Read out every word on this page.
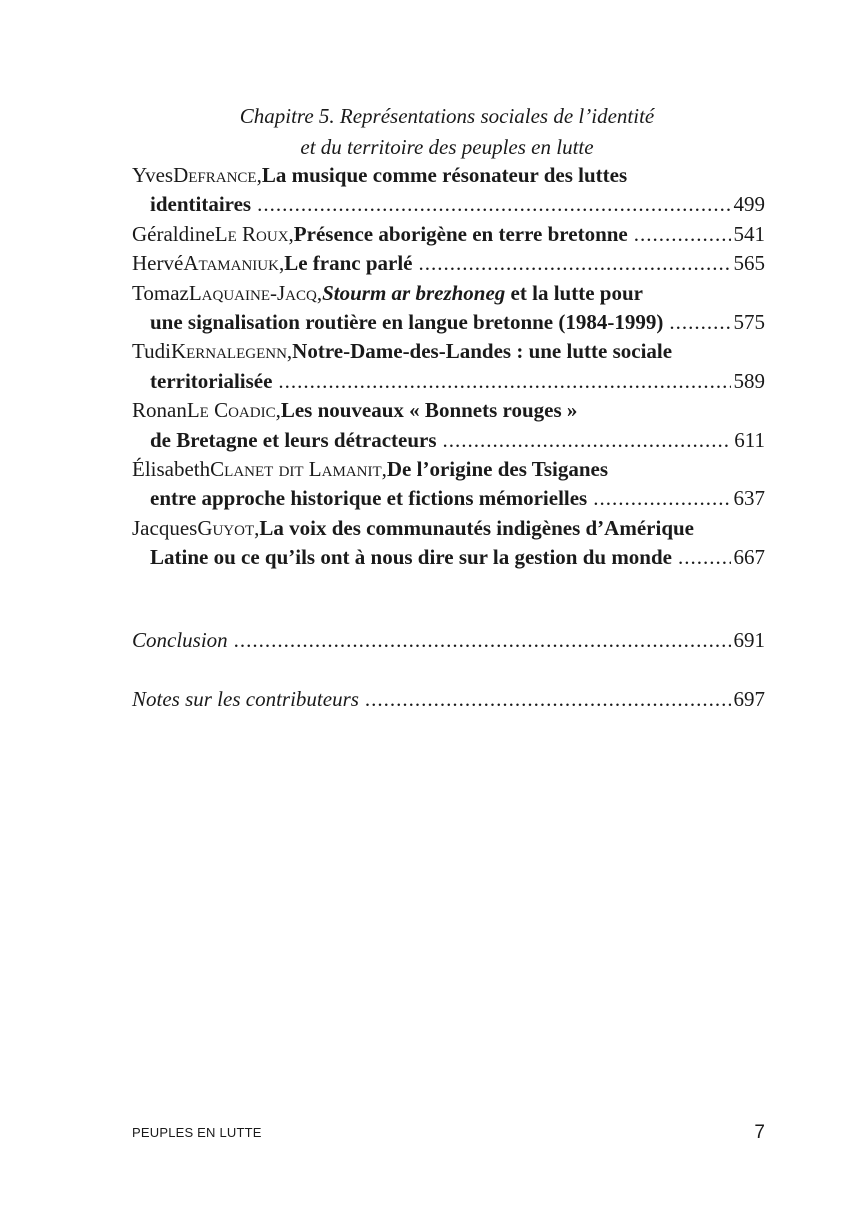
Chapitre 5. Représentations sociales de l’identité
et du territoire des peuples en lutte
Yves Defrance , La musique comme résonateur des luttes
identitaires .....	499
Géraldine Le Roux , Présence aborigène en terre bretonne .....	541
Hervé Atamaniuk , Le franc parlé .....	565
Tomaz Laquaine-Jacq , Stourm ar brezhoneg et la lutte pour
une signalisation routière en langue bretonne (1984-1999) .....	575
Tudi Kernalegenn , Notre-Dame-des-Landes : une lutte sociale
territorialisée .....	589
Ronan Le Coadic , Les nouveaux « Bonnets rouges »
de Bretagne et leurs détracteurs .....	611
Élisabeth Clanet dit Lamanit , De l’origine des Tsiganes
entre approche historique et fictions mémorielles .....	637
Jacques Guyot , La voix des communautés indigènes d’Amérique
Latine ou ce qu’ils ont à nous dire sur la gestion du monde .....	667
Conclusion .....	691
Notes sur les contributeurs .....	697
PEUPLES EN LUTTE	7
